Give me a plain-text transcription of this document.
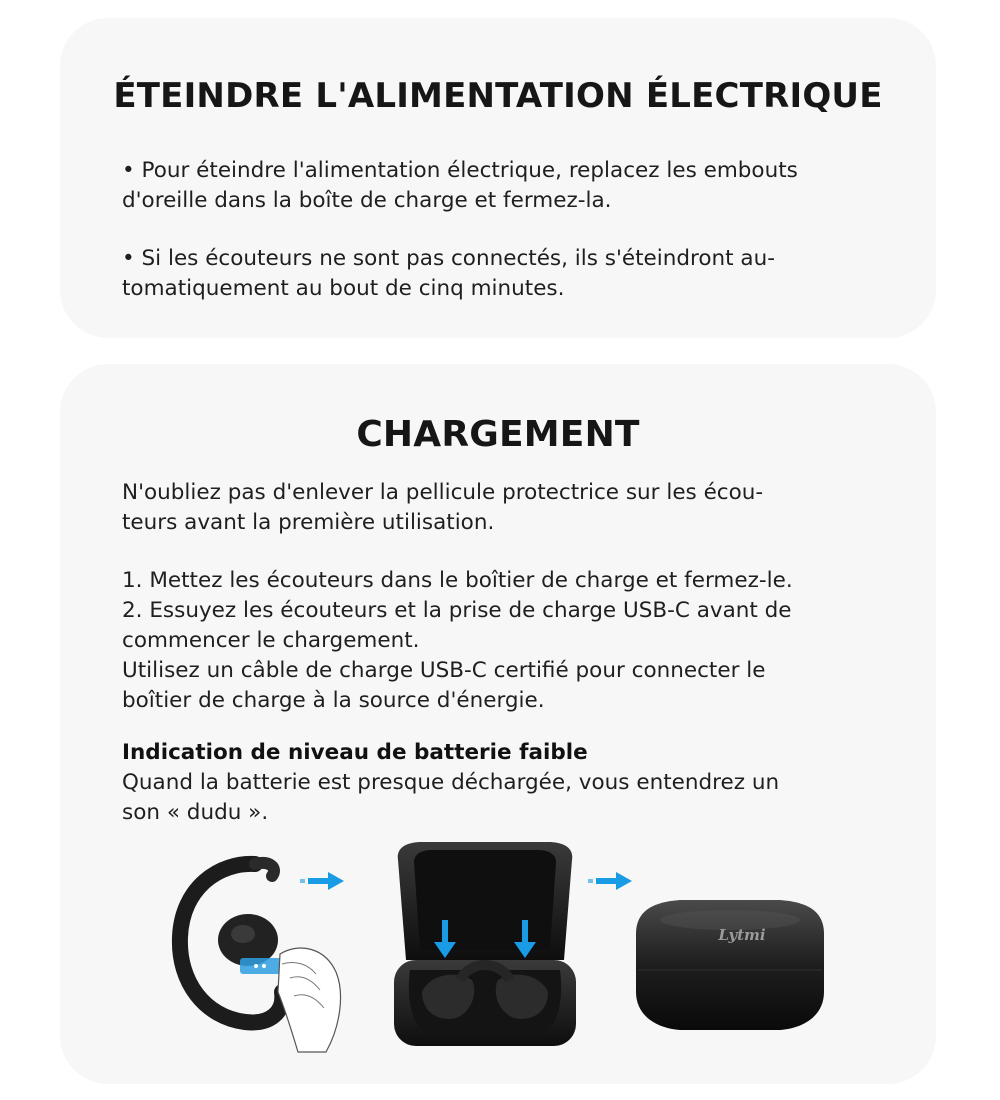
ÉTEINDRE L'ALIMENTATION ÉLECTRIQUE

• Pour éteindre l'alimentation électrique, replacez les embouts

d'oreille dans la boîte de charge et fermez-la.

• Si les écouteurs ne sont pas connectés, ils s'éteindront au-

tomatiquement au bout de cinq minutes.

CHARGEMENT

N'oubliez pas d'enlever la pellicule protectrice sur les écou-

teurs avant la première utilisation.

1. Mettez les écouteurs dans le boîtier de charge et fermez-le.

2. Essuyez les écouteurs et la prise de charge USB-C avant de

commencer le chargement.

Utilisez un câble de charge USB-C certifié pour connecter le

boîtier de charge à la source d'énergie.

Indication de niveau de batterie faible

Quand la batterie est presque déchargée, vous entendrez un

son « dudu ».

Lytmi
